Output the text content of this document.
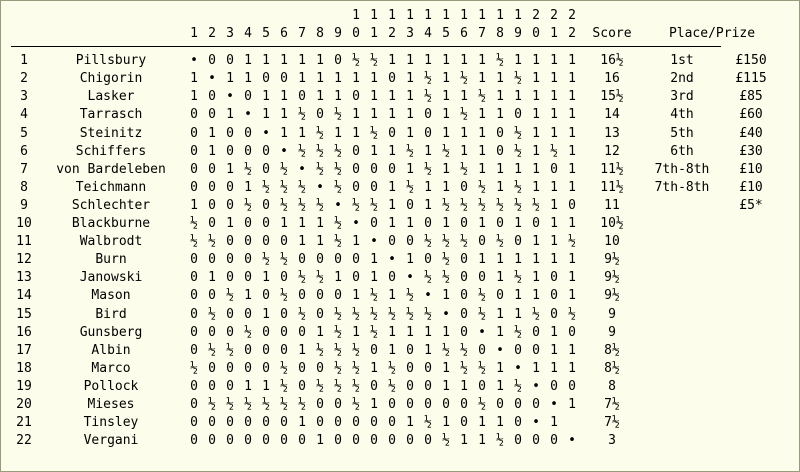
											1	1	1	1	1	1	1	1	1	1	2	2	2			
		1	2	3	4	5	6	7	8	9	0	1	2	3	4	5	6	7	8	9	0	1	2	Score	Place/Prize	

1	Pillsbury	•	0	0	1	1	1	1	1	0	½	½	1	1	1	1	1	1	½	1	1	1	1	16½	1st	£150
2	Chigorin	1	•	1	1	0	0	1	1	1	1	1	0	1	½	1	½	1	1	½	1	1	1	16	2nd	£115
3	Lasker	1	0	•	0	1	1	0	1	1	0	1	1	1	½	1	1	½	1	1	1	1	1	15½	3rd	£85
4	Tarrasch	0	0	1	•	1	1	½	0	½	1	1	1	1	0	1	½	1	1	0	1	1	1	14	4th	£60
5	Steinitz	0	1	0	0	•	1	1	½	1	1	½	0	1	0	1	1	1	0	½	1	1	1	13	5th	£40
6	Schiffers	0	1	0	0	0	•	½	½	½	0	1	1	½	1	½	1	1	0	½	1	½	1	12	6th	£30
7	von Bardeleben	0	0	1	½	0	½	•	½	½	0	0	0	1	½	1	½	1	1	1	1	0	1	11½	7th-8th	£10
8	Teichmann	0	0	0	1	½	½	½	•	½	0	0	1	½	1	1	0	½	1	½	1	1	1	11½	7th-8th	£10
9	Schlechter	1	0	0	½	0	½	½	½	•	½	½	1	0	1	½	½	½	½	½	½	1	0	11		£5*
10	Blackburne	½	0	1	0	0	1	1	1	½	•	0	1	1	0	1	0	1	0	1	0	1	1	10½		
11	Walbrodt	½	½	0	0	0	0	1	1	½	1	•	0	0	½	½	½	0	½	0	1	1	½	10		
12	Burn	0	0	0	0	½	½	0	0	0	0	1	•	1	0	½	0	1	1	1	1	1	1	9½		
13	Janowski	0	1	0	0	1	0	½	½	1	0	1	0	•	½	½	0	0	1	½	1	0	1	9½		
14	Mason	0	0	½	1	0	½	0	0	0	1	½	1	½	•	1	0	½	0	1	1	0	1	9½		
15	Bird	0	½	0	0	1	0	½	0	½	½	½	½	½	½	•	0	½	1	1	½	0	½	9		
16	Gunsberg	0	0	0	½	0	0	0	1	½	1	½	1	1	1	1	0	•	1	½	0	1	0	9		
17	Albin	0	½	½	0	0	0	1	½	½	½	0	1	0	1	½	½	0	•	0	0	1	1	8½		
18	Marco	½	0	0	0	0	½	0	0	½	½	1	½	0	0	1	½	½	1	•	1	1	1	8½		
19	Pollock	0	0	0	1	1	½	0	½	½	½	0	½	0	0	1	1	0	1	½	•	0	0	8		
20	Mieses	0	½	½	½	½	½	½	0	0	½	1	0	0	0	0	0	½	0	0	0	•	1	7½		
21	Tinsley	0	0	0	0	0	0	1	0	0	0	0	0	1	½	1	0	1	1	0	•	1		7½		
22	Vergani	0	0	0	0	0	0	0	1	0	0	0	0	0	0	½	1	1	½	0	0	0	•	3		
